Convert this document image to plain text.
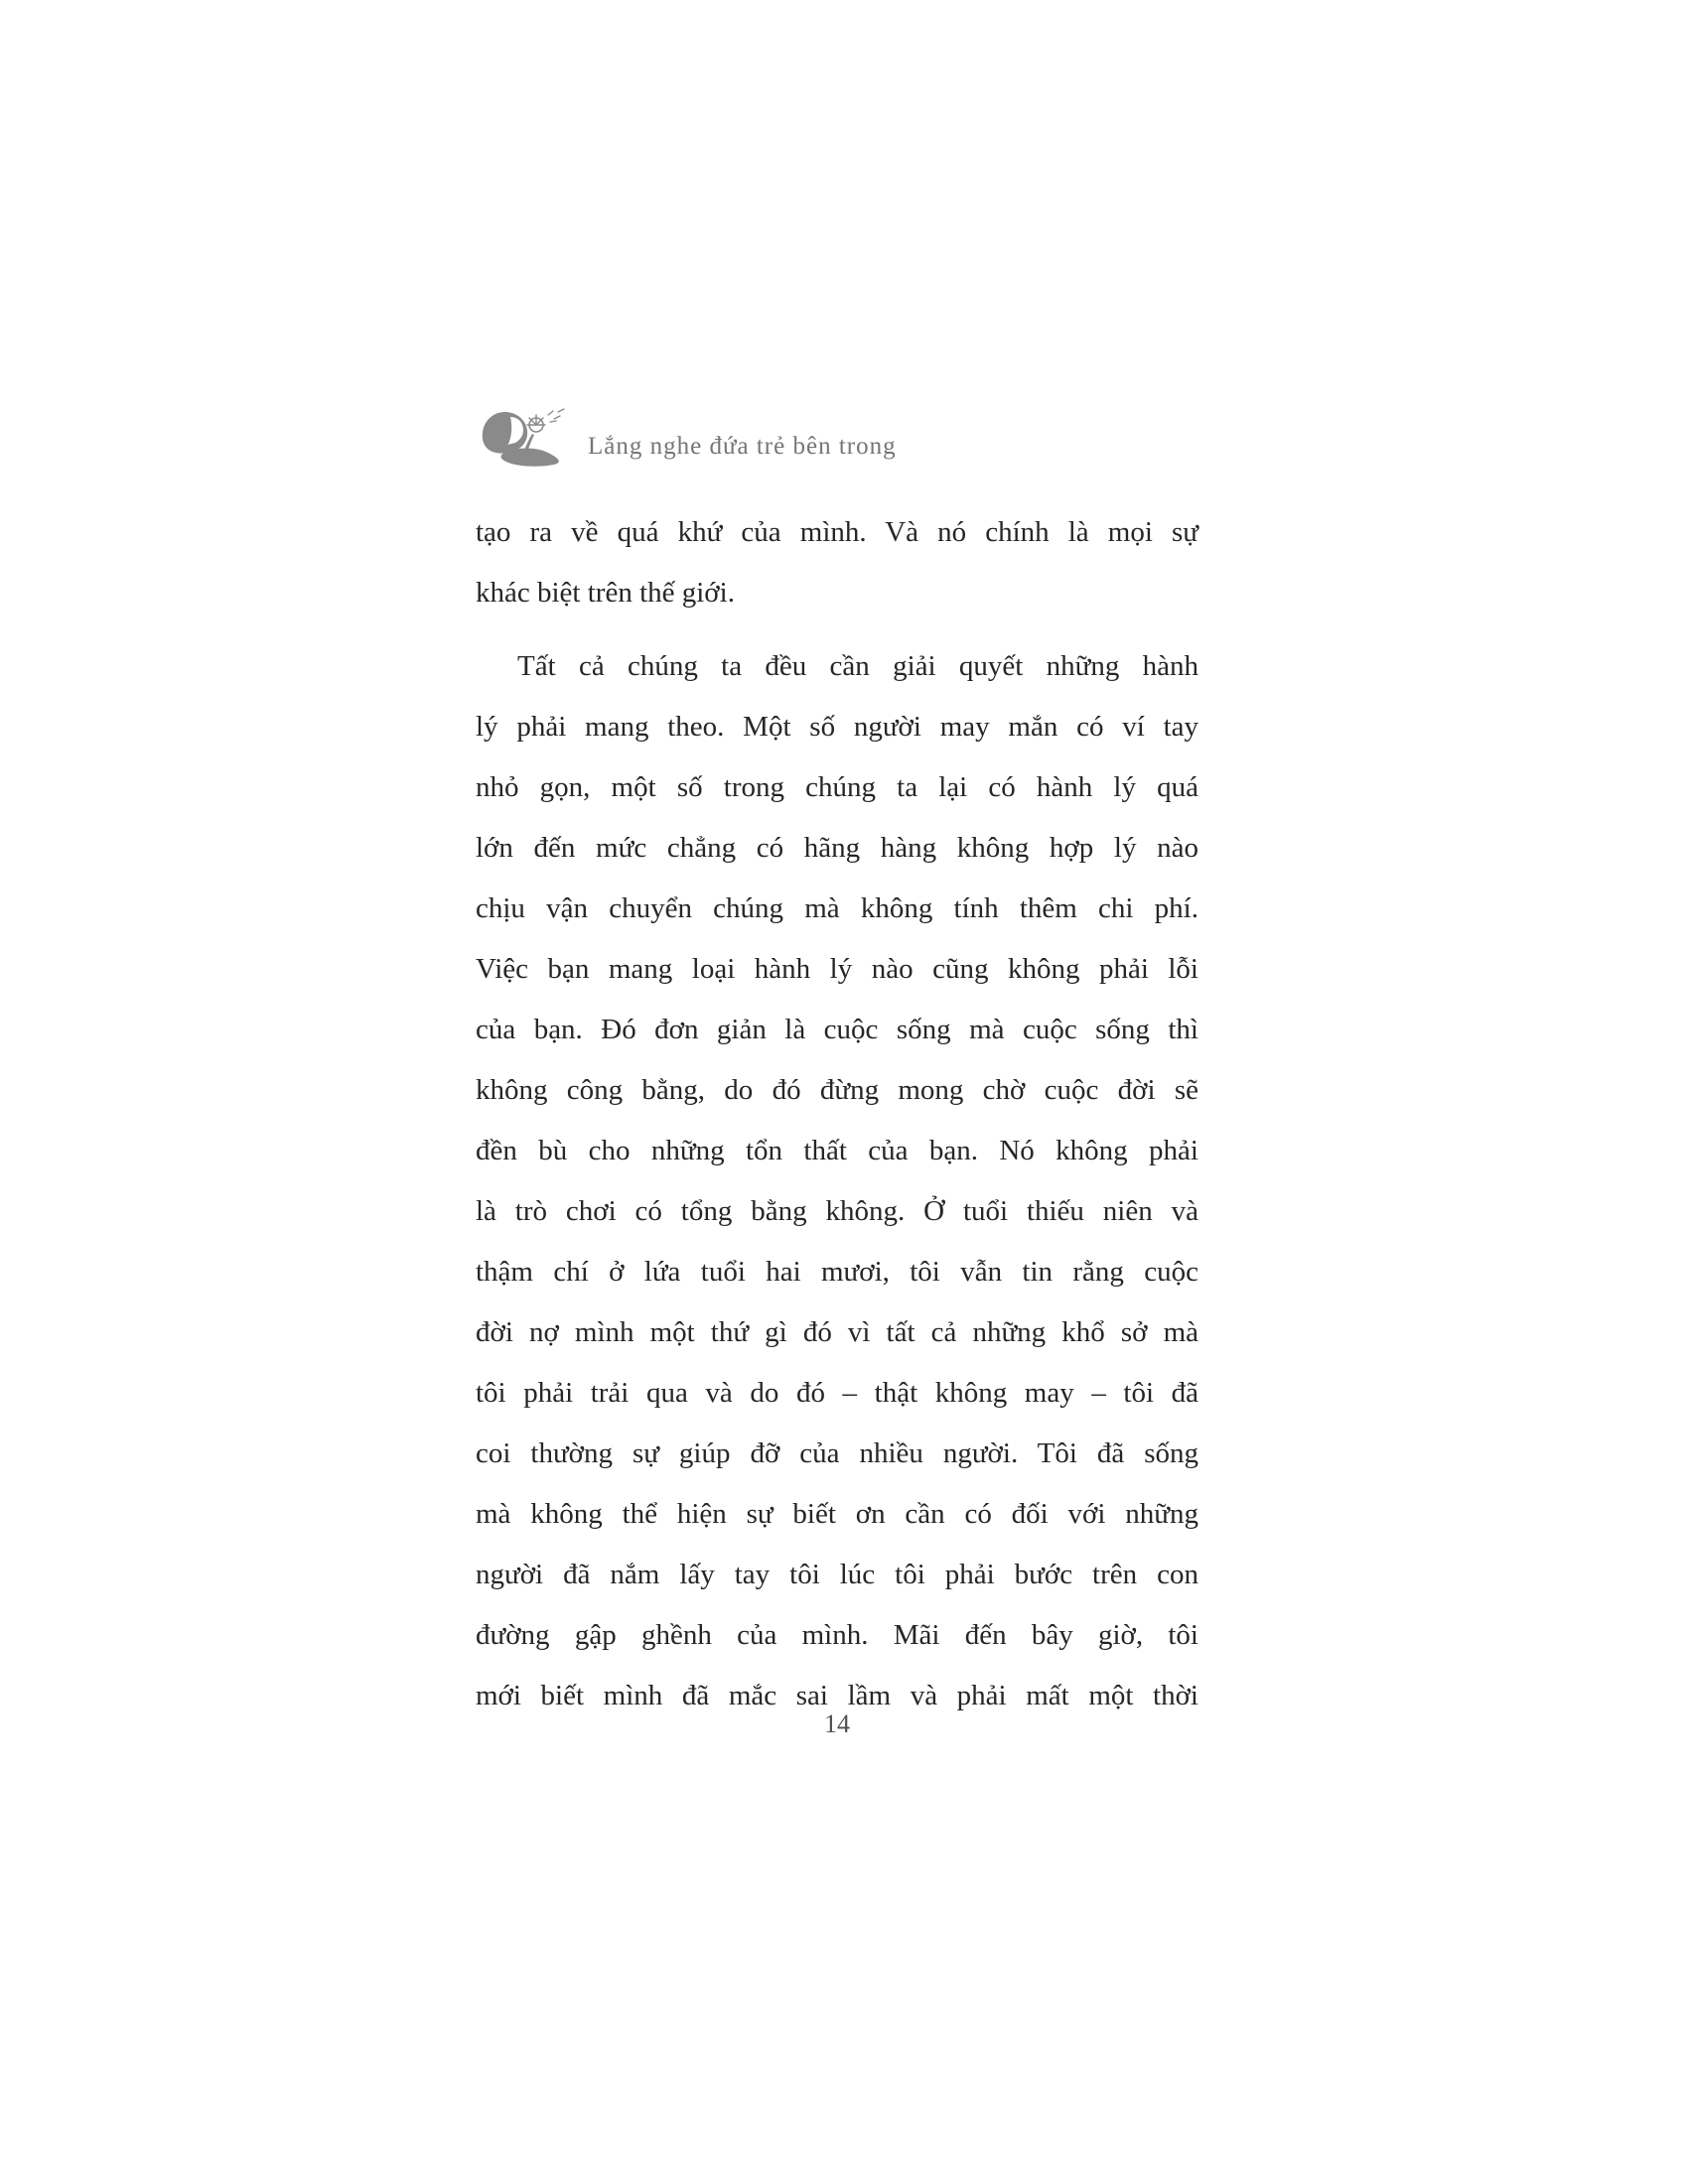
Lắng nghe đứa trẻ bên trong
tạo ra về quá khứ của mình. Và nó chính là mọi sự
khác biệt trên thế giới.
Tất cả chúng ta đều cần giải quyết những hành
lý phải mang theo. Một số người may mắn có ví tay
nhỏ gọn, một số trong chúng ta lại có hành lý quá
lớn đến mức chẳng có hãng hàng không hợp lý nào
chịu vận chuyển chúng mà không tính thêm chi phí.
Việc bạn mang loại hành lý nào cũng không phải lỗi
của bạn. Đó đơn giản là cuộc sống mà cuộc sống thì
không công bằng, do đó đừng mong chờ cuộc đời sẽ
đền bù cho những tổn thất của bạn. Nó không phải
là trò chơi có tổng bằng không. Ở tuổi thiếu niên và
thậm chí ở lứa tuổi hai mươi, tôi vẫn tin rằng cuộc
đời nợ mình một thứ gì đó vì tất cả những khổ sở mà
tôi phải trải qua và do đó – thật không may – tôi đã
coi thường sự giúp đỡ của nhiều người. Tôi đã sống
mà không thể hiện sự biết ơn cần có đối với những
người đã nắm lấy tay tôi lúc tôi phải bước trên con
đường gập ghềnh của mình. Mãi đến bây giờ, tôi
mới biết mình đã mắc sai lầm và phải mất một thời
14
